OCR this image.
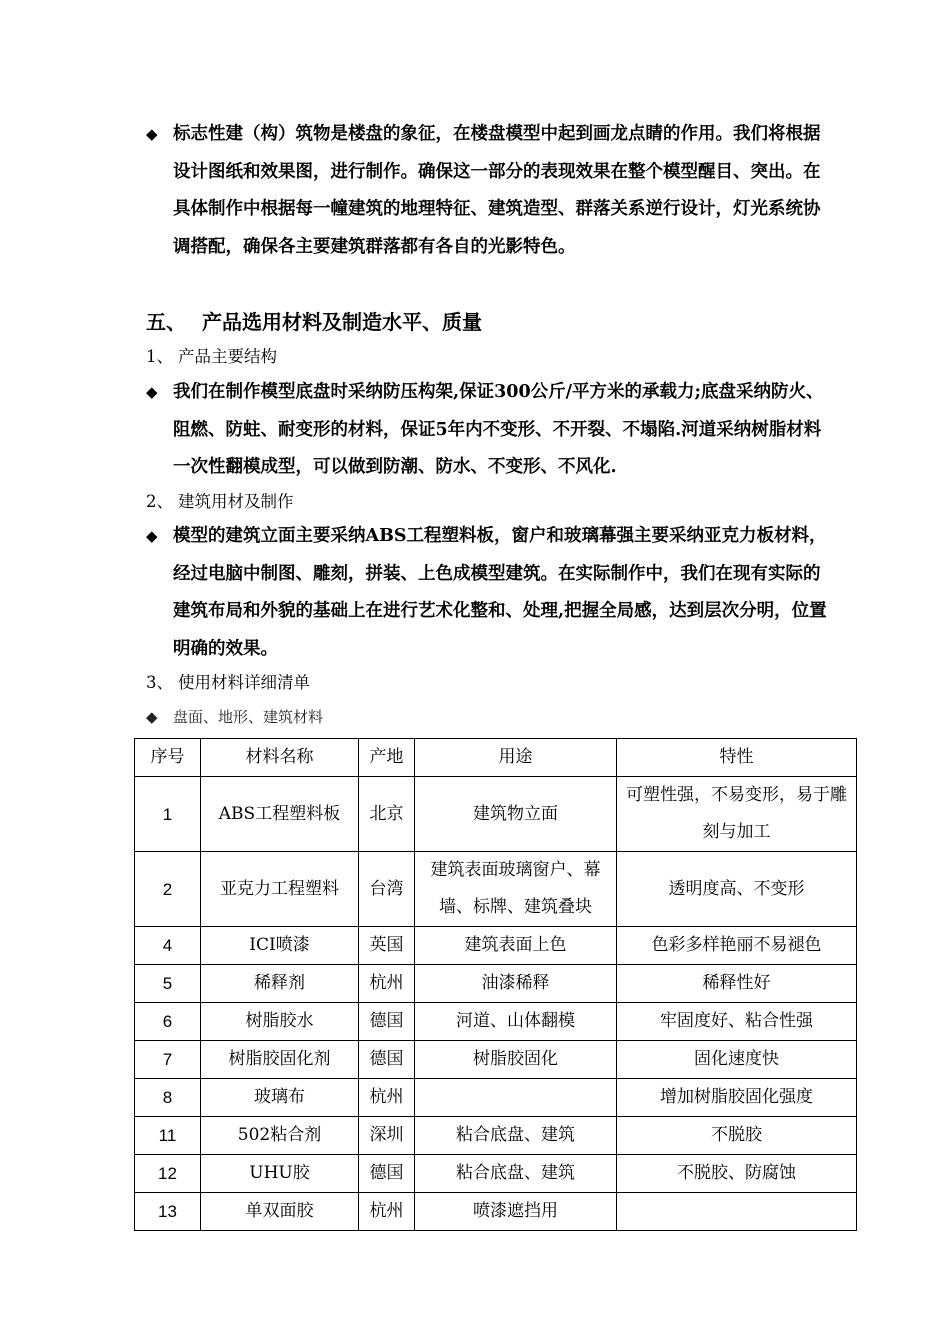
◆ 标志性建（构）筑物是楼盘的象征，在楼盘模型中起到画龙点睛的作用。我们将根据设计图纸和效果图，进行制作。确保这一部分的表现效果在整个模型醒目、突出。在具体制作中根据每一幢建筑的地理特征、建筑造型、群落关系逆行设计，灯光系统协调搭配，确保各主要建筑群落都有各自的光影特色。
五、 产品选用材料及制造水平、质量
1、 产品主要结构
◆ 我们在制作模型底盘时采纳防压构架,保证300公斤/平方米的承载力;底盘采纳防火、阻燃、防蛀、耐变形的材料，保证5年内不变形、不开裂、不塌陷.河道采纳树脂材料一次性翻模成型，可以做到防潮、防水、不变形、不风化.
2、 建筑用材及制作
◆ 模型的建筑立面主要采纳ABS工程塑料板，窗户和玻璃幕强主要采纳亚克力板材料，经过电脑中制图、雕刻，拼装、上色成模型建筑。在实际制作中，我们在现有实际的建筑布局和外貌的基础上在进行艺术化整和、处理,把握全局感，达到层次分明，位置明确的效果。
3、 使用材料详细清单
◆ 盘面、地形、建筑材料
序号	材料名称	产地	用途	特性
1	ABS工程塑料板	北京	建筑物立面	可塑性强，不易变形，易于雕刻与加工
2	亚克力工程塑料	台湾	建筑表面玻璃窗户、幕墙、标牌、建筑叠块	透明度高、不变形
4	ICI喷漆	英国	建筑表面上色	色彩多样艳丽不易褪色
5	稀释剂	杭州	油漆稀释	稀释性好
6	树脂胶水	德国	河道、山体翻模	牢固度好、粘合性强
7	树脂胶固化剂	德国	树脂胶固化	固化速度快
8	玻璃布	杭州		增加树脂胶固化强度
11	502粘合剂	深圳	粘合底盘、建筑	不脱胶
12	UHU胶	德国	粘合底盘、建筑	不脱胶、防腐蚀
13	单双面胶	杭州	喷漆遮挡用	
